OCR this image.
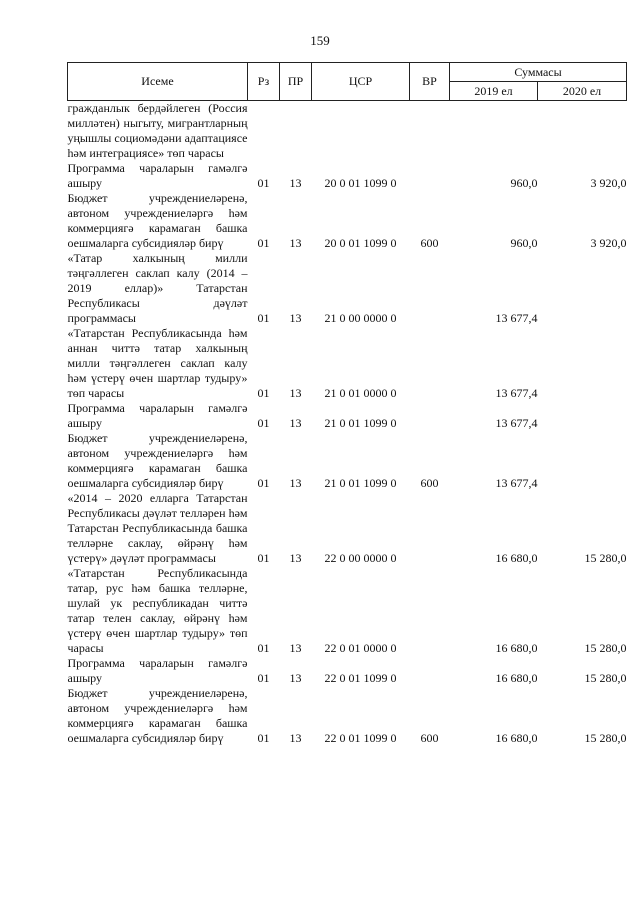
159
Исеме	Рз	ПР	ЦСР	ВР	Суммасы	
					2019 ел	2020 ел
гражданлык бердәйлеген (Россия милләтен) ныгыту, мигрантларның уңышлы социомәдәни адаптациясе һәм интеграциясе» төп чарасы						
Программа чараларын гамәлгә ашыру	01	13	20 0 01 1099 0		960,0	3 920,0
Бюджет учреждениеләренә, автоном учреждениеләргә һәм коммерциягә карамаган башка оешмаларга субсидияләр бирү	01	13	20 0 01 1099 0	600	960,0	3 920,0
«Татар халкының милли тәңгәллеген саклап калу (2014 – 2019 еллар)» Татарстан Республикасы дәүләт программасы	01	13	21 0 00 0000 0		13 677,4	
«Татарстан Республикасында һәм аннан читтә татар халкының милли тәңгәллеген саклап калу һәм үстерү өчен шартлар тудыру» төп чарасы	01	13	21 0 01 0000 0		13 677,4	
Программа чараларын гамәлгә ашыру	01	13	21 0 01 1099 0		13 677,4	
Бюджет учреждениеләренә, автоном учреждениеләргә һәм коммерциягә карамаган башка оешмаларга субсидияләр бирү	01	13	21 0 01 1099 0	600	13 677,4	
«2014 – 2020 елларга Татарстан Республикасы дәүләт телләрен һәм Татарстан Республикасында башка телләрне саклау, өйрәнү һәм үстерү» дәүләт программасы	01	13	22 0 00 0000 0		16 680,0	15 280,0
«Татарстан Республикасында татар, рус һәм башка телләрне, шулай ук республикадан читтә татар телен саклау, өйрәнү һәм үстерү өчен шартлар тудыру» төп чарасы	01	13	22 0 01 0000 0		16 680,0	15 280,0
Программа чараларын гамәлгә ашыру	01	13	22 0 01 1099 0		16 680,0	15 280,0
Бюджет учреждениеләренә, автоном учреждениеләргә һәм коммерциягә карамаган башка оешмаларга субсидияләр бирү	01	13	22 0 01 1099 0	600	16 680,0	15 280,0
